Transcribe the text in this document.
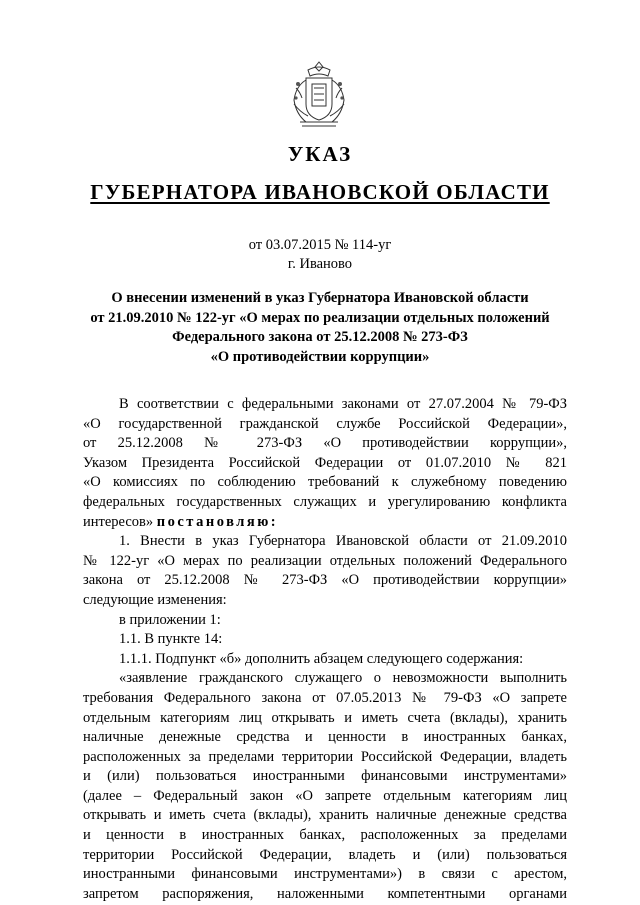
УКАЗ
ГУБЕРНАТОРА ИВАНОВСКОЙ ОБЛАСТИ
от 03.07.2015 № 114-уг
г. Иваново
О внесении изменений в указ Губернатора Ивановской области
от 21.09.2010 № 122-уг «О мерах по реализации отдельных положений
Федерального закона от 25.12.2008 № 273-ФЗ
«О противодействии коррупции»

В соответствии с федеральными законами от 27.07.2004 № 79-ФЗ

«О государственной гражданской службе Российской Федерации»,

от 25.12.2008 № 273-ФЗ «О противодействии коррупции»,

Указом Президента Российской Федерации от 01.07.2010 № 821

«О комиссиях по соблюдению требований к служебному поведению

федеральных государственных служащих и урегулированию конфликта

интересов» постановляю:

1. Внести в указ Губернатора Ивановской области от 21.09.2010

№ 122-уг «О мерах по реализации отдельных положений Федерального

закона от 25.12.2008 № 273-ФЗ «О противодействии коррупции»

следующие изменения:

в приложении 1:

1.1. В пункте 14:

1.1.1. Подпункт «б» дополнить абзацем следующего содержания:

«заявление гражданского служащего о невозможности выполнить

требования Федерального закона от 07.05.2013 № 79-ФЗ «О запрете

отдельным категориям лиц открывать и иметь счета (вклады), хранить

наличные денежные средства и ценности в иностранных банках,

расположенных за пределами территории Российской Федерации, владеть

и (или) пользоваться иностранными финансовыми инструментами»

(далее – Федеральный закон «О запрете отдельным категориям лиц

открывать и иметь счета (вклады), хранить наличные денежные средства

и ценности в иностранных банках, расположенных за пределами

территории Российской Федерации, владеть и (или) пользоваться

иностранными финансовыми инструментами») в связи с арестом,

запретом распоряжения, наложенными компетентными органами
